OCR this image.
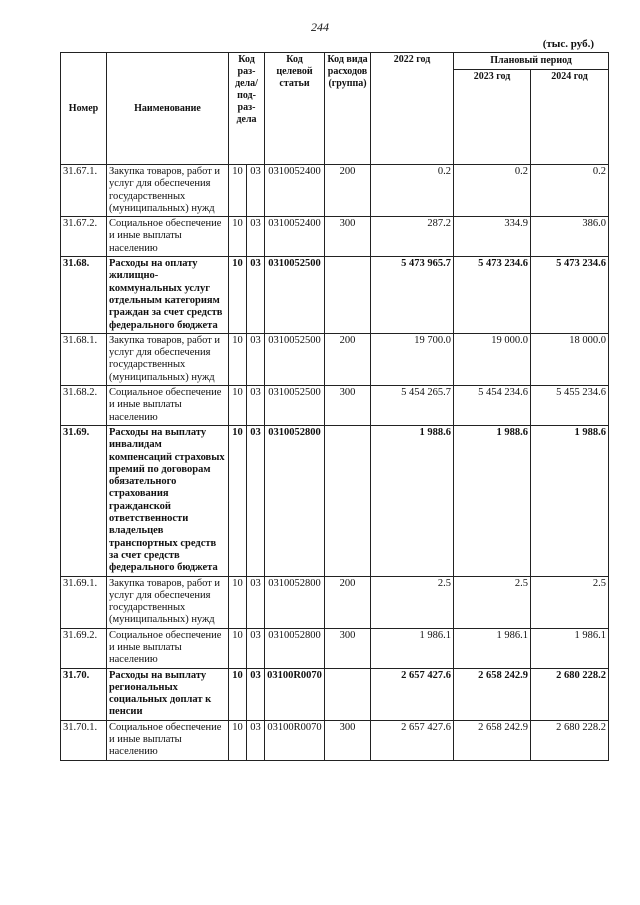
244
(тыс. руб.)
Номер	Наименование	Код раз-дела/ под-раз-дела		Код целевой статьи	Код вида расходов (группа)	2022 год	Плановый период	
							2023 год	2024 год
31.67.1.	Закупка товаров, работ и услуг для обеспечения государственных (муниципальных) нужд	10	03	0310052400	200	0.2	0.2	0.2
31.67.2.	Социальное обеспечение и иные выплаты населению	10	03	0310052400	300	287.2	334.9	386.0
31.68.	Расходы на оплату жилищно-коммунальных услуг отдельным категориям граждан за счет средств федерального бюджета	10	03	0310052500		5 473 965.7	5 473 234.6	5 473 234.6
31.68.1.	Закупка товаров, работ и услуг для обеспечения государственных (муниципальных) нужд	10	03	0310052500	200	19 700.0	19 000.0	18 000.0
31.68.2.	Социальное обеспечение и иные выплаты населению	10	03	0310052500	300	5 454 265.7	5 454 234.6	5 455 234.6
31.69.	Расходы на выплату инвалидам компенсаций страховых премий по договорам обязательного страхования гражданской ответственности владельцев транспортных средств за счет средств федерального бюджета	10	03	0310052800		1 988.6	1 988.6	1 988.6
31.69.1.	Закупка товаров, работ и услуг для обеспечения государственных (муниципальных) нужд	10	03	0310052800	200	2.5	2.5	2.5
31.69.2.	Социальное обеспечение и иные выплаты населению	10	03	0310052800	300	1 986.1	1 986.1	1 986.1
31.70.	Расходы на выплату региональных социальных доплат к пенсии	10	03	03100R0070		2 657 427.6	2 658 242.9	2 680 228.2
31.70.1.	Социальное обеспечение и иные выплаты населению	10	03	03100R0070	300	2 657 427.6	2 658 242.9	2 680 228.2
